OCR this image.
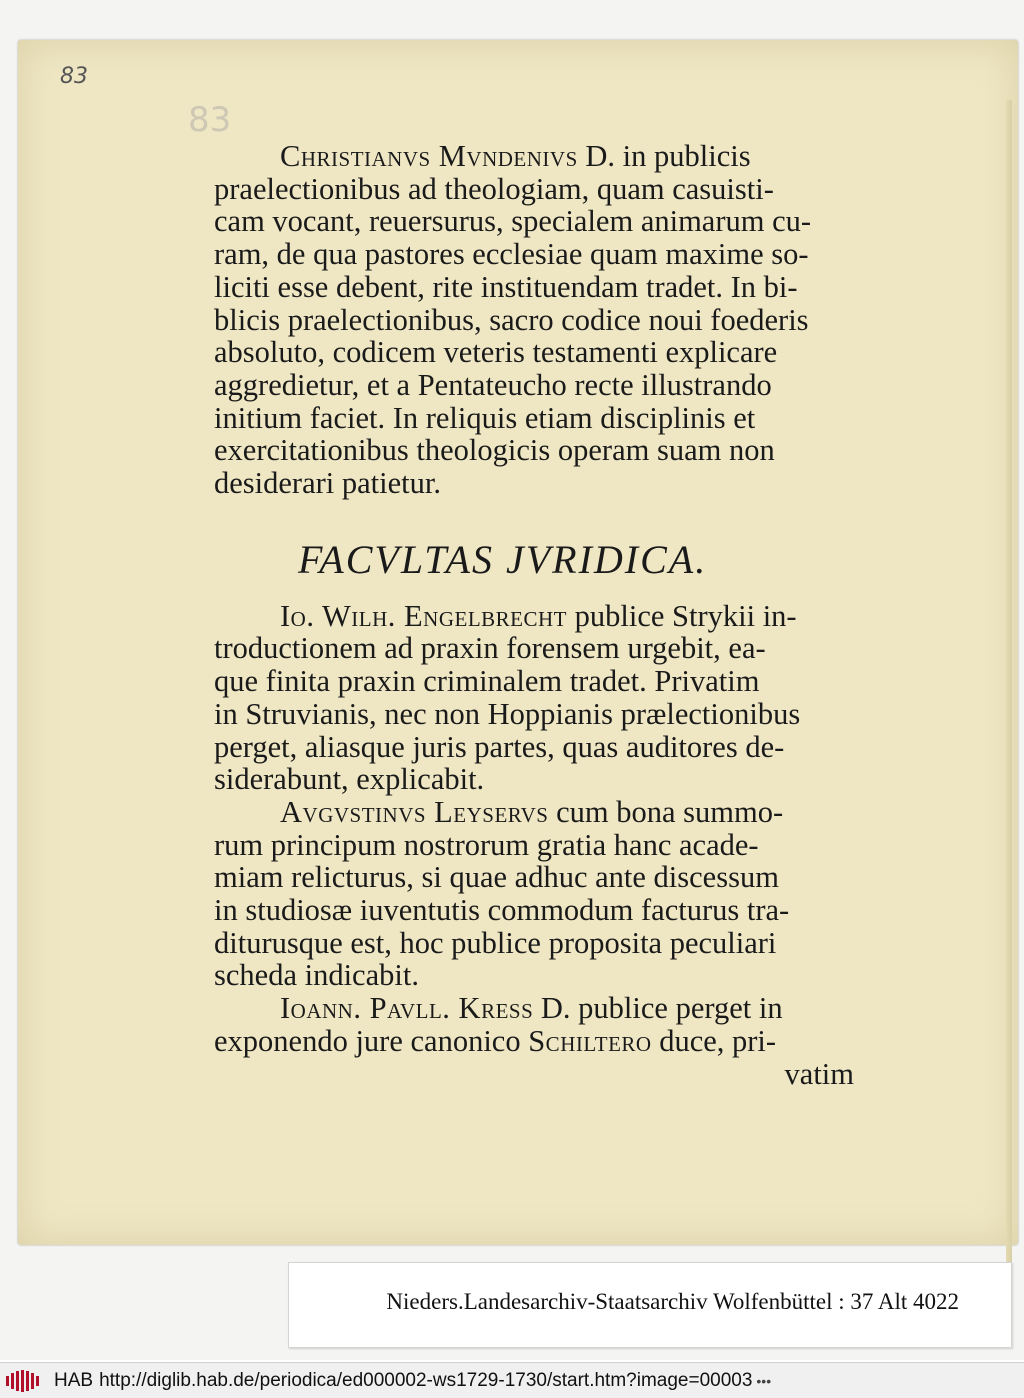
83
83
Christianvs Mvndenivs D. in publicis
praelectionibus ad theologiam, quam casuisti-
cam vocant, reuersurus, specialem animarum cu-
ram, de qua pastores ecclesiae quam maxime so-
liciti esse debent, rite instituendam tradet. In bi-
blicis praelectionibus, sacro codice noui foederis
absoluto, codicem veteris testamenti explicare
aggredietur, et a Pentateucho recte illustrando
initium faciet. In reliquis etiam disciplinis et
exercitationibus theologicis operam suam non
desiderari patietur.
FACVLTAS JVRIDICA.
Io. Wilh. Engelbrecht publice Strykii in-
troductionem ad praxin forensem urgebit, ea-
que finita praxin criminalem tradet. Privatim
in Struvianis, nec non Hoppianis prælectionibus
perget, aliasque juris partes, quas auditores de-
siderabunt, explicabit.
Avgvstinvs Leyservs cum bona summo-
rum principum nostrorum gratia hanc acade-
miam relicturus, si quae adhuc ante discessum
in studiosæ iuventutis commodum facturus tra-
diturusque est, hoc publice proposita peculiari
scheda indicabit.
Ioann. Pavll. Kress D. publice perget in
exponendo jure canonico Schiltero duce, pri-
vatim
Nieders.Landesarchiv-Staatsarchiv Wolfenbüttel : 37 Alt 4022
HAB http://diglib.hab.de/periodica/ed000002-ws1729-1730/start.htm?image=00003 •••
